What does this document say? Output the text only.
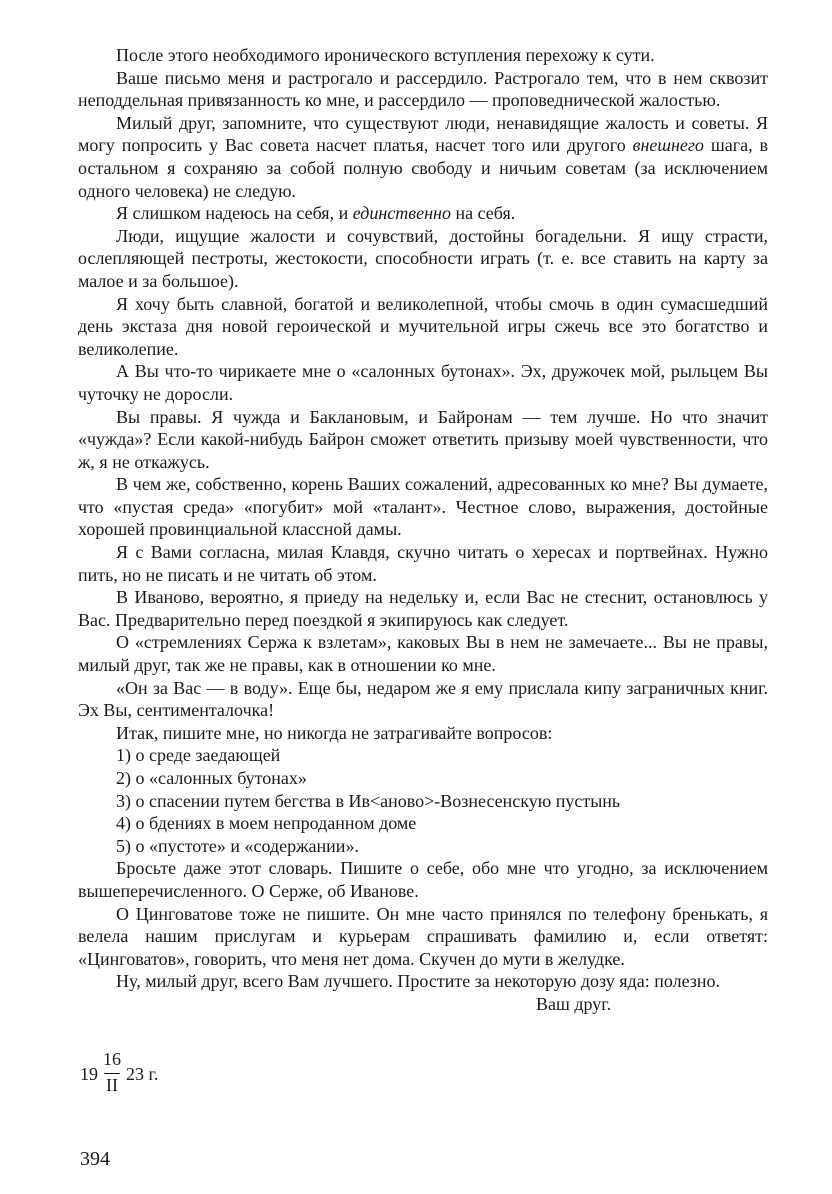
После этого необходимого иронического вступления перехожу к сути.

Ваше письмо меня и растрогало и рассердило. Растрогало тем, что в нем сквозит неподдельная привязанность ко мне, и рассердило — проповеднической жалостью.

Милый друг, запомните, что существуют люди, ненавидящие жалость и советы. Я могу попросить у Вас совета насчет платья, насчет того или другого внешнего шага, в остальном я сохраняю за собой полную свободу и ничьим советам (за исключением одного человека) не следую.

Я слишком надеюсь на себя, и единственно на себя.

Люди, ищущие жалости и сочувствий, достойны богадельни. Я ищу страсти, ослепляющей пестроты, жестокости, способности играть (т. е. все ставить на карту за малое и за большое).

Я хочу быть славной, богатой и великолепной, чтобы смочь в один сумасшедший день экстаза дня новой героической и мучительной игры сжечь все это богатство и великолепие.

А Вы что-то чирикаете мне о «салонных бутонах». Эх, дружочек мой, рыльцем Вы чуточку не доросли.

Вы правы. Я чужда и Баклановым, и Байронам — тем лучше. Но что значит «чужда»? Если какой-нибудь Байрон сможет ответить призыву моей чувственности, что ж, я не откажусь.

В чем же, собственно, корень Ваших сожалений, адресованных ко мне? Вы думаете, что «пустая среда» «погубит» мой «талант». Честное слово, выражения, достойные хорошей провинциальной классной дамы.

Я с Вами согласна, милая Клавдя, скучно читать о хересах и портвейнах. Нужно пить, но не писать и не читать об этом.

В Иваново, вероятно, я приеду на недельку и, если Вас не стеснит, остановлюсь у Вас. Предварительно перед поездкой я экипируюсь как следует.

О «стремлениях Сержа к взлетам», каковых Вы в нем не замечаете... Вы не правы, милый друг, так же не правы, как в отношении ко мне.

«Он за Вас — в воду». Еще бы, недаром же я ему прислала кипу заграничных книг. Эх Вы, сентименталочка!

Итак, пишите мне, но никогда не затрагивайте вопросов:

1) о среде заедающей

2) о «салонных бутонах»

3) о спасении путем бегства в Ив<аново>-Вознесенскую пустынь

4) о бдениях в моем непроданном доме

5) о «пустоте» и «содержании».

Бросьте даже этот словарь. Пишите о себе, обо мне что угодно, за исключением вышеперечисленного. О Серже, об Иванове.

О Цинговатове тоже не пишите. Он мне часто принялся по телефону бренькать, я велела нашим прислугам и курьерам спрашивать фамилию и, если ответят: «Цинговатов», говорить, что меня нет дома. Скучен до мути в желудке.

Ну, милый друг, всего Вам лучшего. Простите за некоторую дозу яда: полезно.

Ваш друг.

19
16
II
23 г.
394
